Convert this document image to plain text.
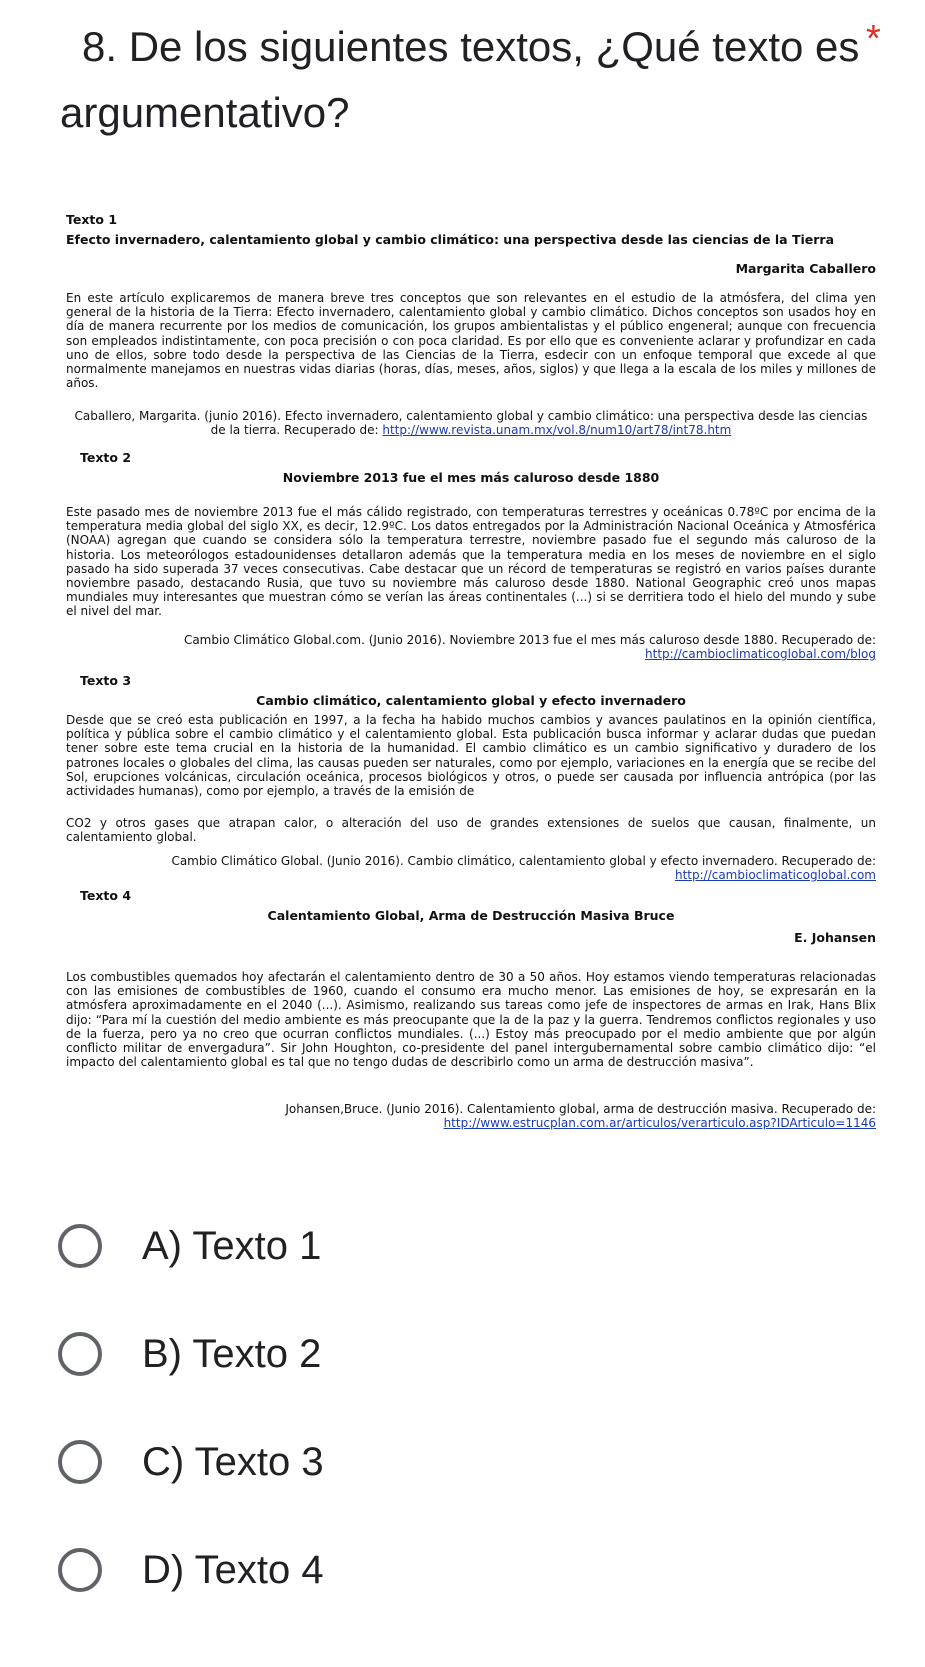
8. De los siguientes textos, ¿Qué texto es argumentativo?
*
Texto 1
Efecto invernadero, calentamiento global y cambio climático: una perspectiva desde las ciencias de la Tierra
Margarita Caballero
En este artículo explicaremos de manera breve tres conceptos que son relevantes en el estudio de la atmósfera, del clima yen general de la historia de la Tierra: Efecto invernadero, calentamiento global y cambio climático. Dichos conceptos son usados hoy en día de manera recurrente por los medios de comunicación, los grupos ambientalistas y el público engeneral; aunque con frecuencia son empleados indistintamente, con poca precisión o con poca claridad. Es por ello que es conveniente aclarar y profundizar en cada uno de ellos, sobre todo desde la perspectiva de las Ciencias de la Tierra, esdecir con un enfoque temporal que excede al que normalmente manejamos en nuestras vidas diarias (horas, días, meses, años, siglos) y que llega a la escala de los miles y millones de años.
Caballero, Margarita. (junio 2016). Efecto invernadero, calentamiento global y cambio climático: una perspectiva desde las ciencias de la tierra. Recuperado de: http://www.revista.unam.mx/vol.8/num10/art78/int78.htm
Texto 2
Noviembre 2013 fue el mes más caluroso desde 1880
Este pasado mes de noviembre 2013 fue el más cálido registrado, con temperaturas terrestres y oceánicas 0.78ºC por encima de la temperatura media global del siglo XX, es decir, 12.9ºC. Los datos entregados por la Administración Nacional Oceánica y Atmosférica (NOAA) agregan que cuando se considera sólo la temperatura terrestre, noviembre pasado fue el segundo más caluroso de la historia. Los meteorólogos estadounidenses detallaron además que la temperatura media en los meses de noviembre en el siglo pasado ha sido superada 37 veces consecutivas. Cabe destacar que un récord de temperaturas se registró en varios países durante noviembre pasado, destacando Rusia, que tuvo su noviembre más caluroso desde 1880. National Geographic creó unos mapas mundiales muy interesantes que muestran cómo se verían las áreas continentales (...) si se derritiera todo el hielo del mundo y sube el nivel del mar.
Cambio Climático Global.com. (Junio 2016). Noviembre 2013 fue el mes más caluroso desde 1880. Recuperado de:
http://cambioclimaticoglobal.com/blog
Texto 3
Cambio climático, calentamiento global y efecto invernadero
Desde que se creó esta publicación en 1997, a la fecha ha habido muchos cambios y avances paulatinos en la opinión científica, política y pública sobre el cambio climático y el calentamiento global. Esta publicación busca informar y aclarar dudas que puedan tener sobre este tema crucial en la historia de la humanidad. El cambio climático es un cambio significativo y duradero de los patrones locales o globales del clima, las causas pueden ser naturales, como por ejemplo, variaciones en la energía que se recibe del Sol, erupciones volcánicas, circulación oceánica, procesos biológicos y otros, o puede ser causada por influencia antrópica (por las actividades humanas), como por ejemplo, a través de la emisión de
CO2 y otros gases que atrapan calor, o alteración del uso de grandes extensiones de suelos que causan, finalmente, un calentamiento global.
Cambio Climático Global. (Junio 2016). Cambio climático, calentamiento global y efecto invernadero. Recuperado de:
http://cambioclimaticoglobal.com
Texto 4
Calentamiento Global, Arma de Destrucción Masiva Bruce
E. Johansen
Los combustibles quemados hoy afectarán el calentamiento dentro de 30 a 50 años. Hoy estamos viendo temperaturas relacionadas con las emisiones de combustibles de 1960, cuando el consumo era mucho menor. Las emisiones de hoy, se expresarán en la atmósfera aproximadamente en el 2040 (...). Asimismo, realizando sus tareas como jefe de inspectores de armas en Irak, Hans Blix dijo: “Para mí la cuestión del medio ambiente es más preocupante que la de la paz y la guerra. Tendremos conflictos regionales y uso de la fuerza, pero ya no creo que ocurran conflictos mundiales. (...) Estoy más preocupado por el medio ambiente que por algún conflicto militar de envergadura”. Sir John Houghton, co-presidente del panel intergubernamental sobre cambio climático dijo: “el impacto del calentamiento global es tal que no tengo dudas de describirlo como un arma de destrucción masiva”.
Johansen,Bruce. (Junio 2016). Calentamiento global, arma de destrucción masiva. Recuperado de:
http://www.estrucplan.com.ar/articulos/verarticulo.asp?IDArticulo=1146
A) Texto 1
B) Texto 2
C) Texto 3
D) Texto 4
